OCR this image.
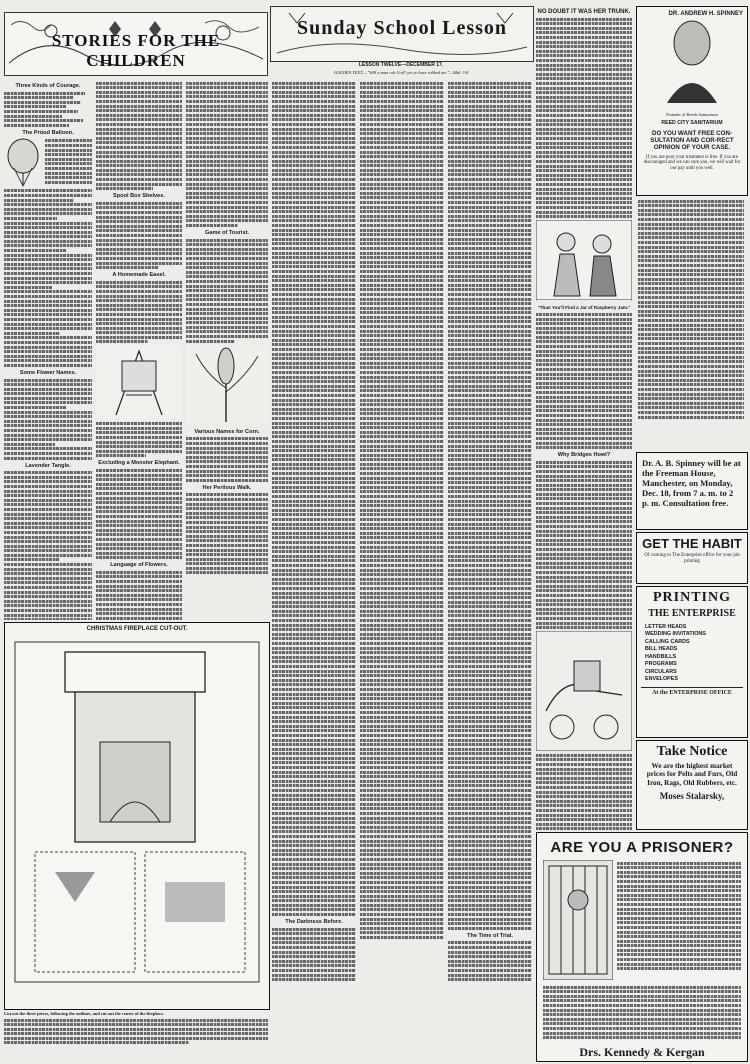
STORIES FOR THE CHILDREN
Sunday School Lesson
LESSON TWELVE—DECEMBER 17.
GOLDEN TEXT.—"Will a man rob God? yet ye have robbed me."—Mal. 3:8
Three Kinds of Courage.
The Proud Balloon.
Some Flower Names.
Lavender Tangle.
Spool Box Shelves.
A Homemade Easel.
Excluding a Monster Elephant.
Language of Flowers.
Game of Tourist.
Various Names for Corn.
Her Perilous Walk.
CHRISTMAS FIREPLACE CUT-OUT.
Cut out the three pieces, following the outlines, and cut out the center of the fireplace.
The Darkness Before.
The Time of Trial.
NO DOUBT IT WAS HER TRUNK.
"Than You'll Find a Jar of Raspberry Jam."
Why Bridges Howl?
DR. ANDREW H. SPINNEY
Founder of Reeds Sanitarium
REED CITY SANITARIUM
DO YOU WANT FREE CON-SULTATION AND COR-RECT OPINION OF YOUR CASE.
If you are poor your treatment is free. If you are discouraged and we can cure you, we will wait for our pay until you well.
Dr. A. B. Spinney will be at the Freeman House, Manchester, on Monday, Dec. 18, from 7 a. m. to 2 p. m. Consultation free.
GET THE HABIT
Of coming to The Enterprise office for your job printing
PRINTING
THE ENTERPRISE
LETTER HEADS
WEDDING INVITATIONS
CALLING CARDS
BILL HEADS
HANDBILLS
PROGRAMS
CIRCULARS
ENVELOPES
At the ENTERPRISE OFFICE
Take Notice
We are the highest market prices for Pelts and Furs, Old Iron, Rags, Old Rubbers, etc.
Moses Stalarsky,
ARE YOU A PRISONER?
Drs. Kennedy & Kergan
